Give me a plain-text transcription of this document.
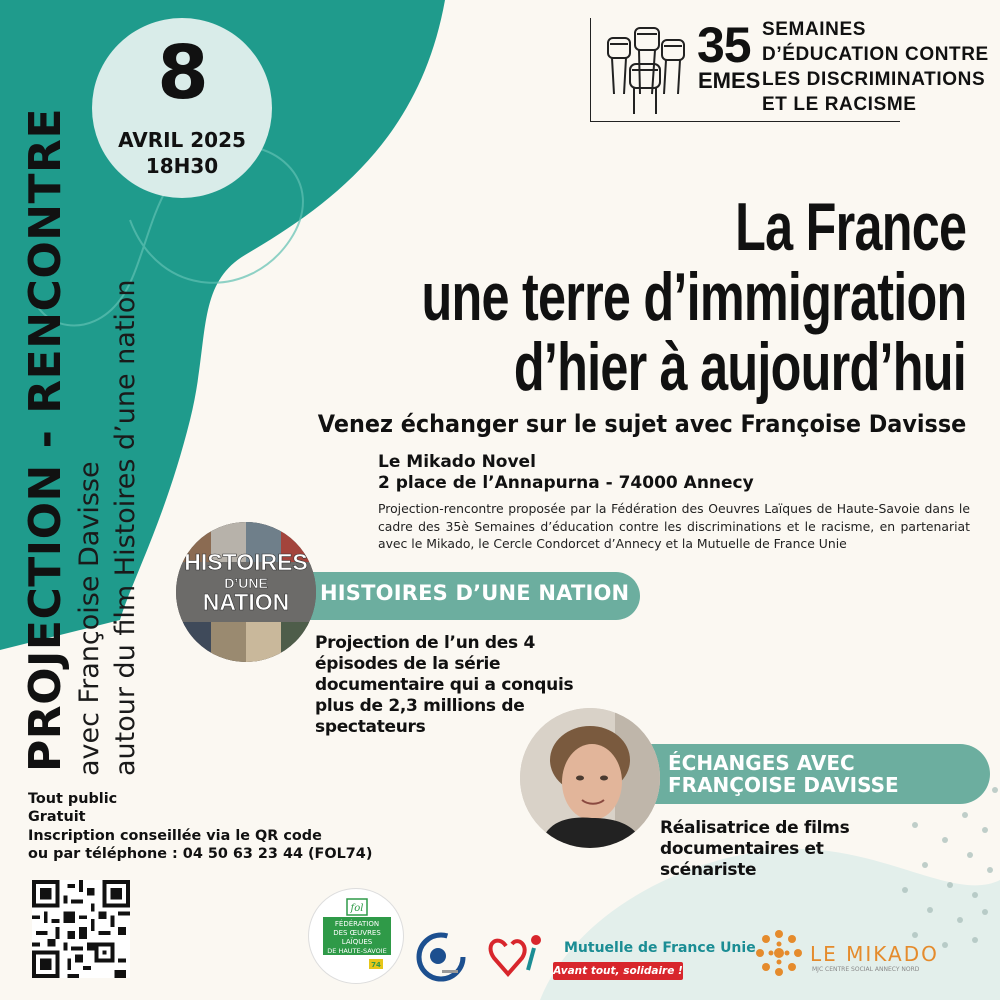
8
AVRIL 2025
18H30
PROJECTION - RENCONTRE avec Françoise Davisse autour du film Histoires d’une nation
35
EMES
SEMAINES
D’ÉDUCATION CONTRE
LES DISCRIMINATIONS
ET LE RACISME
La France
une terre d’immigration
d’hier à aujourd’hui
Venez échanger sur le sujet avec Françoise Davisse
Le Mikado Novel
2 place de l’Annapurna - 74000 Annecy
Projection-rencontre proposée par la Fédération des Oeuvres Laïques de Haute-Savoie dans le cadre des 35è Semaines d’éducation contre les discriminations et le racisme, en partenariat avec le Mikado, le Cercle Condorcet d’Annecy et la Mutuelle de France Unie
HISTOIRES D’UNE NATION
HISTOIRES
D’UNE
NATION
Projection de l’un des 4 épisodes de la série documentaire qui a conquis plus de 2,3 millions de spectateurs
ÉCHANGES AVEC
FRANÇOISE DAVISSE
Réalisatrice de films documentaires et scénariste
Tout public
Gratuit
Inscription conseillée via le QR code
ou par téléphone : 04 50 63 23 44 (FOL74)
fol
FÉDÉRATION
DES ŒUVRES
LAÏQUES
DE HAUTE-SAVOIE
74
Mutuelle de France Unie
Avant tout, solidaire !
LE MIKADO
MJC CENTRE SOCIAL ANNECY NORD
